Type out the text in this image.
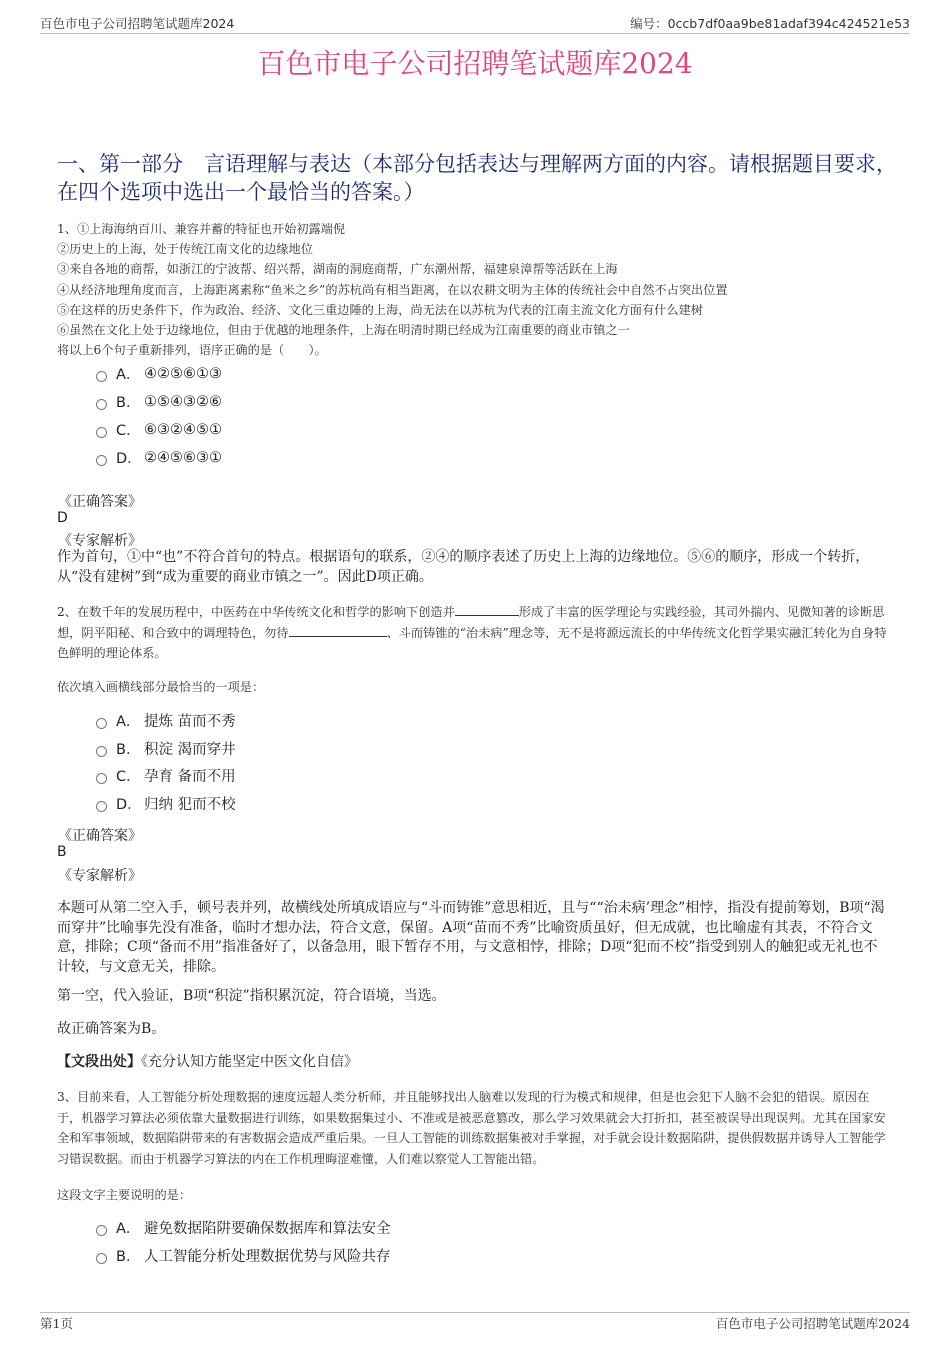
百色市电子公司招聘笔试题库2024	编号：0ccb7df0aa9be81adaf394c424521e53
百色市电子公司招聘笔试题库2024
一、第一部分　言语理解与表达（本部分包括表达与理解两方面的内容。请根据题目要求，在四个选项中选出一个最恰当的答案。）
1、①上海海纳百川、兼容并蓄的特征也开始初露端倪
②历史上的上海，处于传统江南文化的边缘地位
③来自各地的商帮，如浙江的宁波帮、绍兴帮，湖南的洞庭商帮，广东潮州帮，福建泉漳帮等活跃在上海
④从经济地理角度而言，上海距离素称“鱼米之乡”的苏杭尚有相当距离，在以农耕文明为主体的传统社会中自然不占突出位置
⑤在这样的历史条件下，作为政治、经济、文化三重边陲的上海，尚无法在以苏杭为代表的江南主流文化方面有什么建树
⑥虽然在文化上处于边缘地位，但由于优越的地理条件，上海在明清时期已经成为江南重要的商业市镇之一
将以上6个句子重新排列，语序正确的是（　　）。
A． ④②⑤⑥①③
B． ①⑤④③②⑥
C． ⑥③②④⑤①
D． ②④⑤⑥③①
《正确答案》
D
《专家解析》
作为首句，①中“也”不符合首句的特点。根据语句的联系，②④的顺序表述了历史上上海的边缘地位。⑤⑥的顺序，形成一个转折，从“没有建树”到“成为重要的商业市镇之一”。因此D项正确。
2、在数千年的发展历程中，中医药在中华传统文化和哲学的影响下创造并	形成了丰富的医学理论与实践经验，其司外揣内、见微知著的诊断思想，阴平阳秘、和合致中的调理特色，勿待	、斗而铸锥的“治未病”理念等，无不是将源远流长的中华传统文化哲学果实融汇转化为自身特色鲜明的理论体系。
依次填入画横线部分最恰当的一项是：
A． 提炼 苗而不秀
B． 积淀 渴而穿井
C． 孕育 备而不用
D． 归纳 犯而不校
《正确答案》
B
《专家解析》
本题可从第二空入手，顿号表并列，故横线处所填成语应与“斗而铸锥”意思相近，且与““治未病’理念”相悖，指没有提前筹划，B项“渴而穿井”比喻事先没有准备，临时才想办法，符合文意，保留。A项“苗而不秀”比喻资质虽好，但无成就，也比喻虚有其表，不符合文意，排除；C项“备而不用”指准备好了，以备急用，眼下暂存不用，与文意相悖，排除；D项“犯而不校”指受到别人的触犯或无礼也不计较，与文意无关，排除。
第一空，代入验证，B项“积淀”指积累沉淀，符合语境，当选。
故正确答案为B。
【文段出处】《充分认知方能坚定中医文化自信》
3、目前来看，人工智能分析处理数据的速度远超人类分析师，并且能够找出人脑难以发现的行为模式和规律，但是也会犯下人脑不会犯的错误。原因在于，机器学习算法必须依靠大量数据进行训练，如果数据集过小、不准或是被恶意篡改，那么学习效果就会大打折扣，甚至被误导出现误判。尤其在国家安全和军事领域，数据陷阱带来的有害数据会造成严重后果。一旦人工智能的训练数据集被对手掌握，对手就会设计数据陷阱，提供假数据并诱导人工智能学习错误数据。而由于机器学习算法的内在工作机理晦涩难懂，人们难以察觉人工智能出错。
这段文字主要说明的是：
A． 避免数据陷阱要确保数据库和算法安全
B． 人工智能分析处理数据优势与风险共存
第1页	百色市电子公司招聘笔试题库2024
